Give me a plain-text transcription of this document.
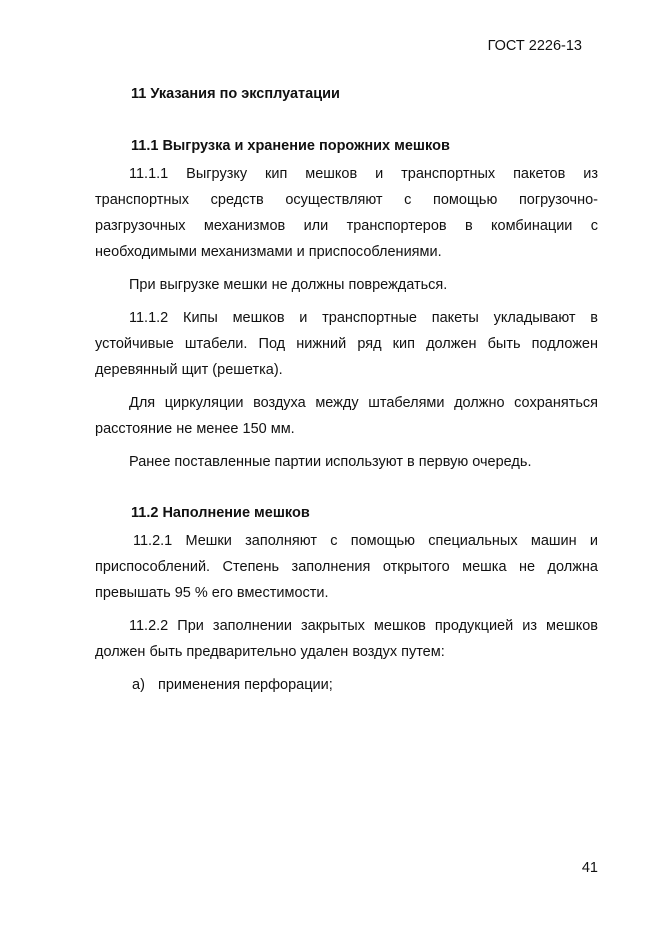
ГОСТ 2226-13

11 Указания по эксплуатации

11.1 Выгрузка и хранение порожних мешков

11.1.1 Выгрузку кип мешков и транспортных пакетов из транспортных средств осуществляют с помощью погрузочно-разгрузочных механизмов или транспортеров в комбинации с необходимыми механизмами и приспособлениями.

При выгрузке мешки не должны повреждаться.

11.1.2 Кипы мешков и транспортные пакеты укладывают в устойчивые штабели. Под нижний ряд кип должен быть подложен деревянный щит (решетка).

Для циркуляции воздуха между штабелями должно сохраняться расстояние не менее 150 мм.

Ранее поставленные партии используют в первую очередь.

11.2 Наполнение мешков

11.2.1 Мешки заполняют с помощью специальных машин и приспособлений. Степень заполнения открытого мешка не должна превышать 95 % его вместимости.

11.2.2 При заполнении закрытых мешков продукцией из мешков должен быть предварительно удален воздух путем:

а) применения перфорации;

41
